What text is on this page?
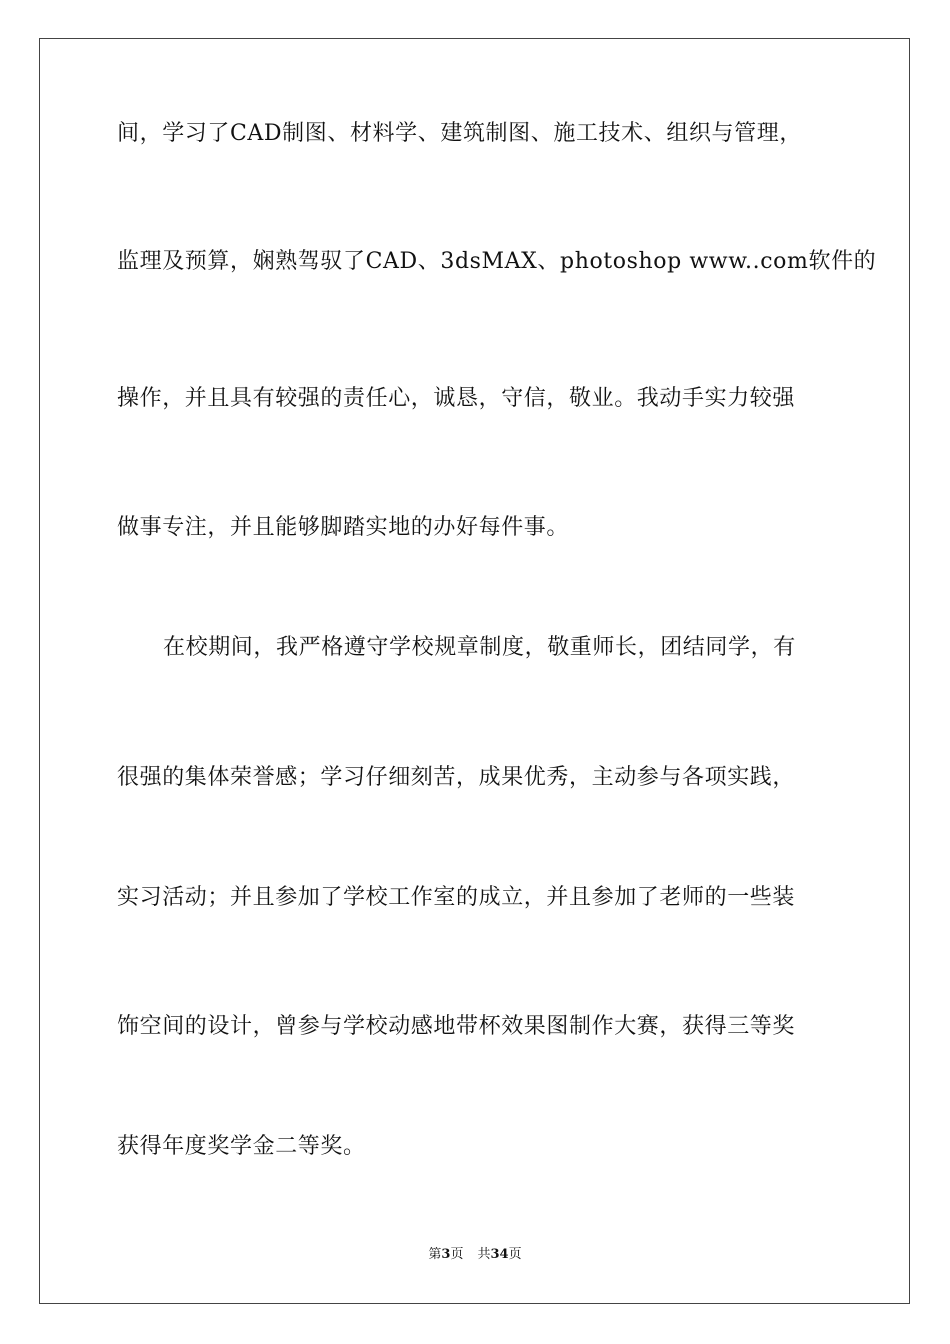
间，学习了CAD制图、材料学、建筑制图、施工技术、组织与管理，

监理及预算，娴熟驾驭了CAD、3dsMAX、photoshop www..com软件的

操作，并且具有较强的责任心，诚恳，守信，敬业。我动手实力较强

做事专注，并且能够脚踏实地的办好每件事。

在校期间，我严格遵守学校规章制度，敬重师长，团结同学，有

很强的集体荣誉感；学习仔细刻苦，成果优秀，主动参与各项实践，

实习活动；并且参加了学校工作室的成立，并且参加了老师的一些装

饰空间的设计，曾参与学校动感地带杯效果图制作大赛，获得三等奖

获得年度奖学金二等奖。

第3页 共34页
